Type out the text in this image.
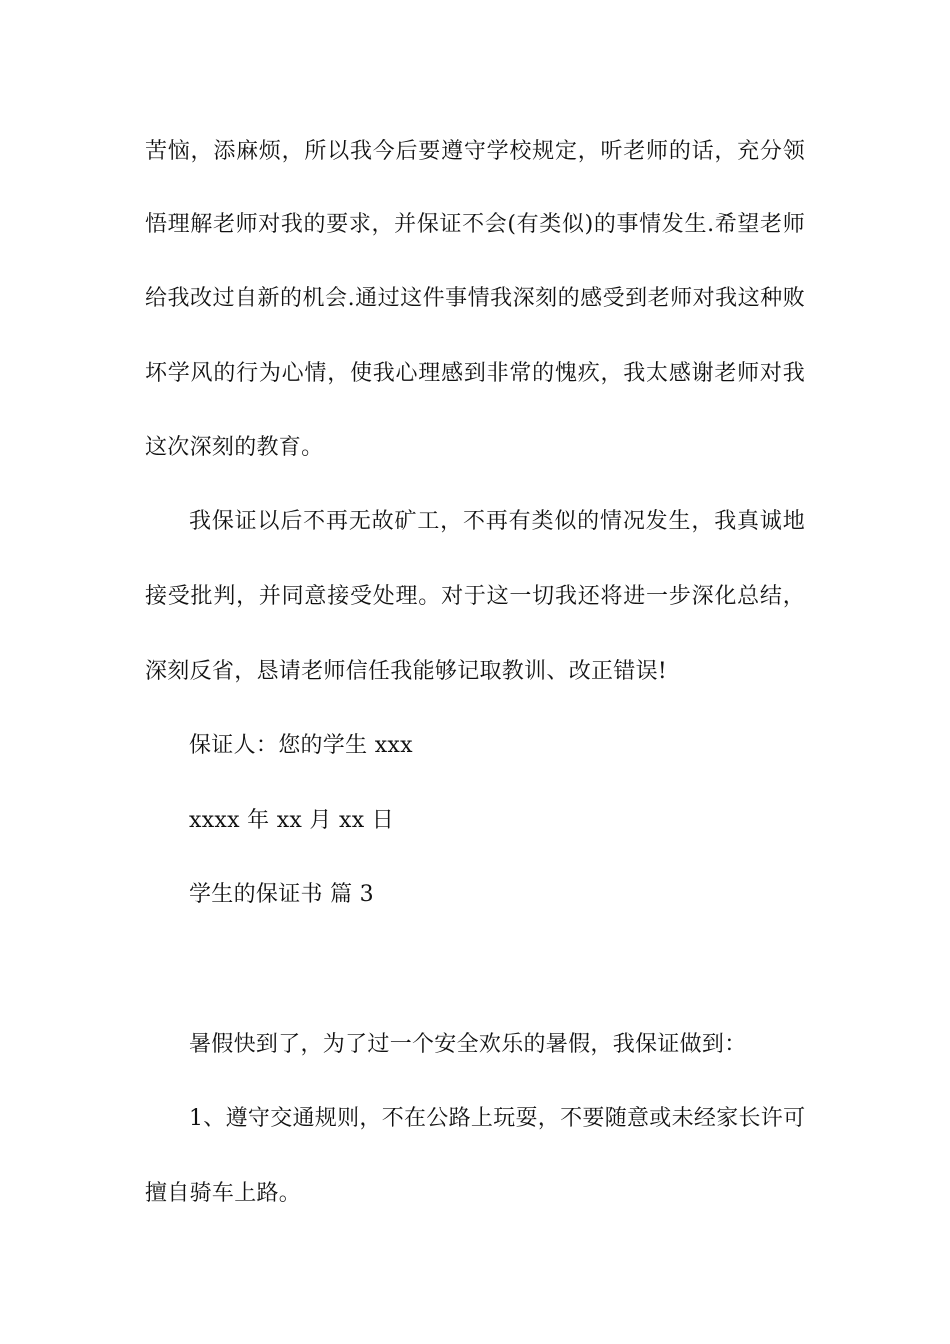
苦恼，添麻烦，所以我今后要遵守学校规定，听老师的话，充分领
悟理解老师对我的要求，并保证不会(有类似)的事情发生.希望老师
给我改过自新的机会.通过这件事情我深刻的感受到老师对我这种败
坏学风的行为心情，使我心理感到非常的愧疚，我太感谢老师对我
这次深刻的教育。
我保证以后不再无故矿工，不再有类似的情况发生，我真诚地
接受批判，并同意接受处理。对于这一切我还将进一步深化总结，
深刻反省，恳请老师信任我能够记取教训、改正错误!
保证人：您的学生 xxx
xxxx 年 xx 月 xx 日
学生的保证书 篇 3
暑假快到了，为了过一个安全欢乐的暑假，我保证做到：
1、遵守交通规则，不在公路上玩耍，不要随意或未经家长许可
擅自骑车上路。
